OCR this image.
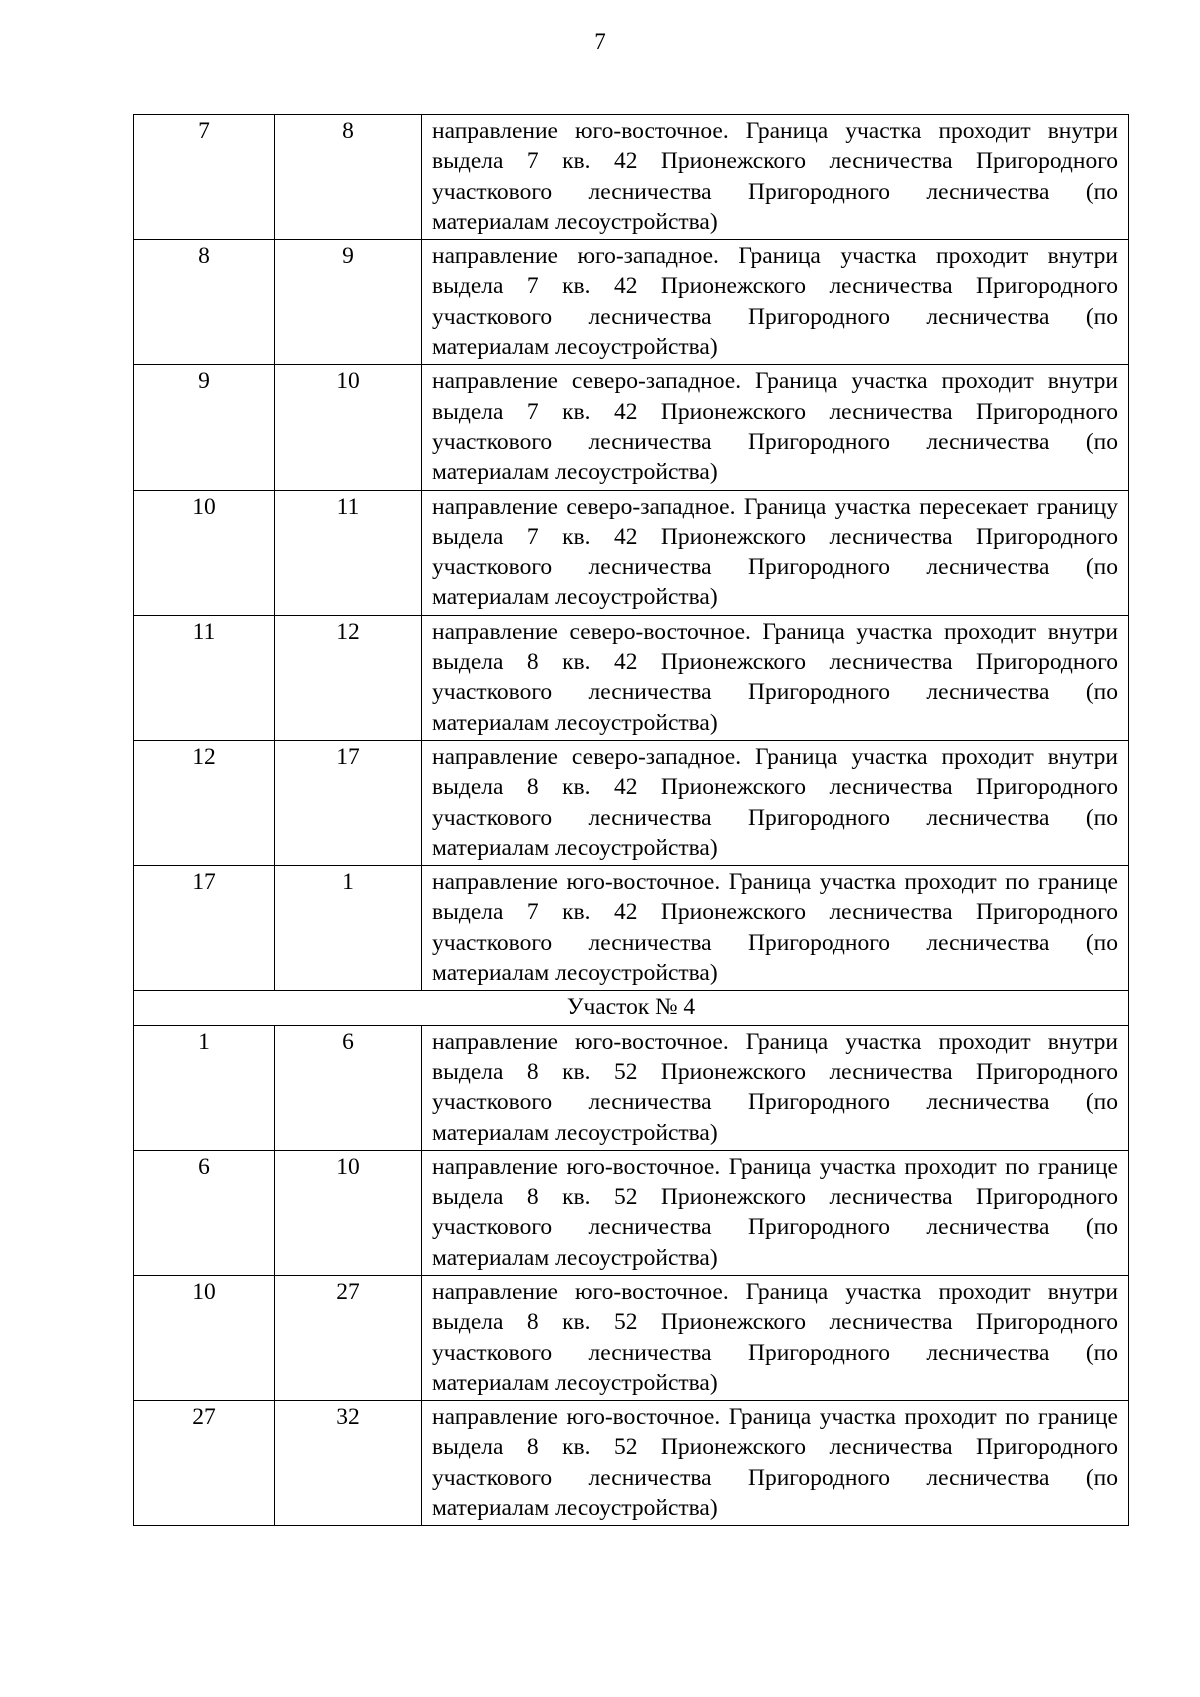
7
7	8	направление юго-восточное. Граница участка проходит внутри выдела 7 кв. 42 Прионежского лесничества Пригородного участкового лесничества Пригородного лесничества (по материалам лесоустройства)
8	9	направление юго-западное. Граница участка проходит внутри выдела 7 кв. 42 Прионежского лесничества Пригородного участкового лесничества Пригородного лесничества (по материалам лесоустройства)
9	10	направление северо-западное. Граница участка проходит внутри выдела 7 кв. 42 Прионежского лесничества Пригородного участкового лесничества Пригородного лесничества (по материалам лесоустройства)
10	11	направление северо-западное. Граница участка пересекает границу выдела 7 кв. 42 Прионежского лесничества Пригородного участкового лесничества Пригородного лесничества (по материалам лесоустройства)
11	12	направление северо-восточное. Граница участка проходит внутри выдела 8 кв. 42 Прионежского лесничества Пригородного участкового лесничества Пригородного лесничества (по материалам лесоустройства)
12	17	направление северо-западное. Граница участка проходит внутри выдела 8 кв. 42 Прионежского лесничества Пригородного участкового лесничества Пригородного лесничества (по материалам лесоустройства)
17	1	направление юго-восточное. Граница участка проходит по границе выдела 7 кв. 42 Прионежского лесничества Пригородного участкового лесничества Пригородного лесничества (по материалам лесоустройства)
Участок № 4		
1	6	направление юго-восточное. Граница участка проходит внутри выдела 8 кв. 52 Прионежского лесничества Пригородного участкового лесничества Пригородного лесничества (по материалам лесоустройства)
6	10	направление юго-восточное. Граница участка проходит по границе выдела 8 кв. 52 Прионежского лесничества Пригородного участкового лесничества Пригородного лесничества (по материалам лесоустройства)
10	27	направление юго-восточное. Граница участка проходит внутри выдела 8 кв. 52 Прионежского лесничества Пригородного участкового лесничества Пригородного лесничества (по материалам лесоустройства)
27	32	направление юго-восточное. Граница участка проходит по границе выдела 8 кв. 52 Прионежского лесничества Пригородного участкового лесничества Пригородного лесничества (по материалам лесоустройства)
